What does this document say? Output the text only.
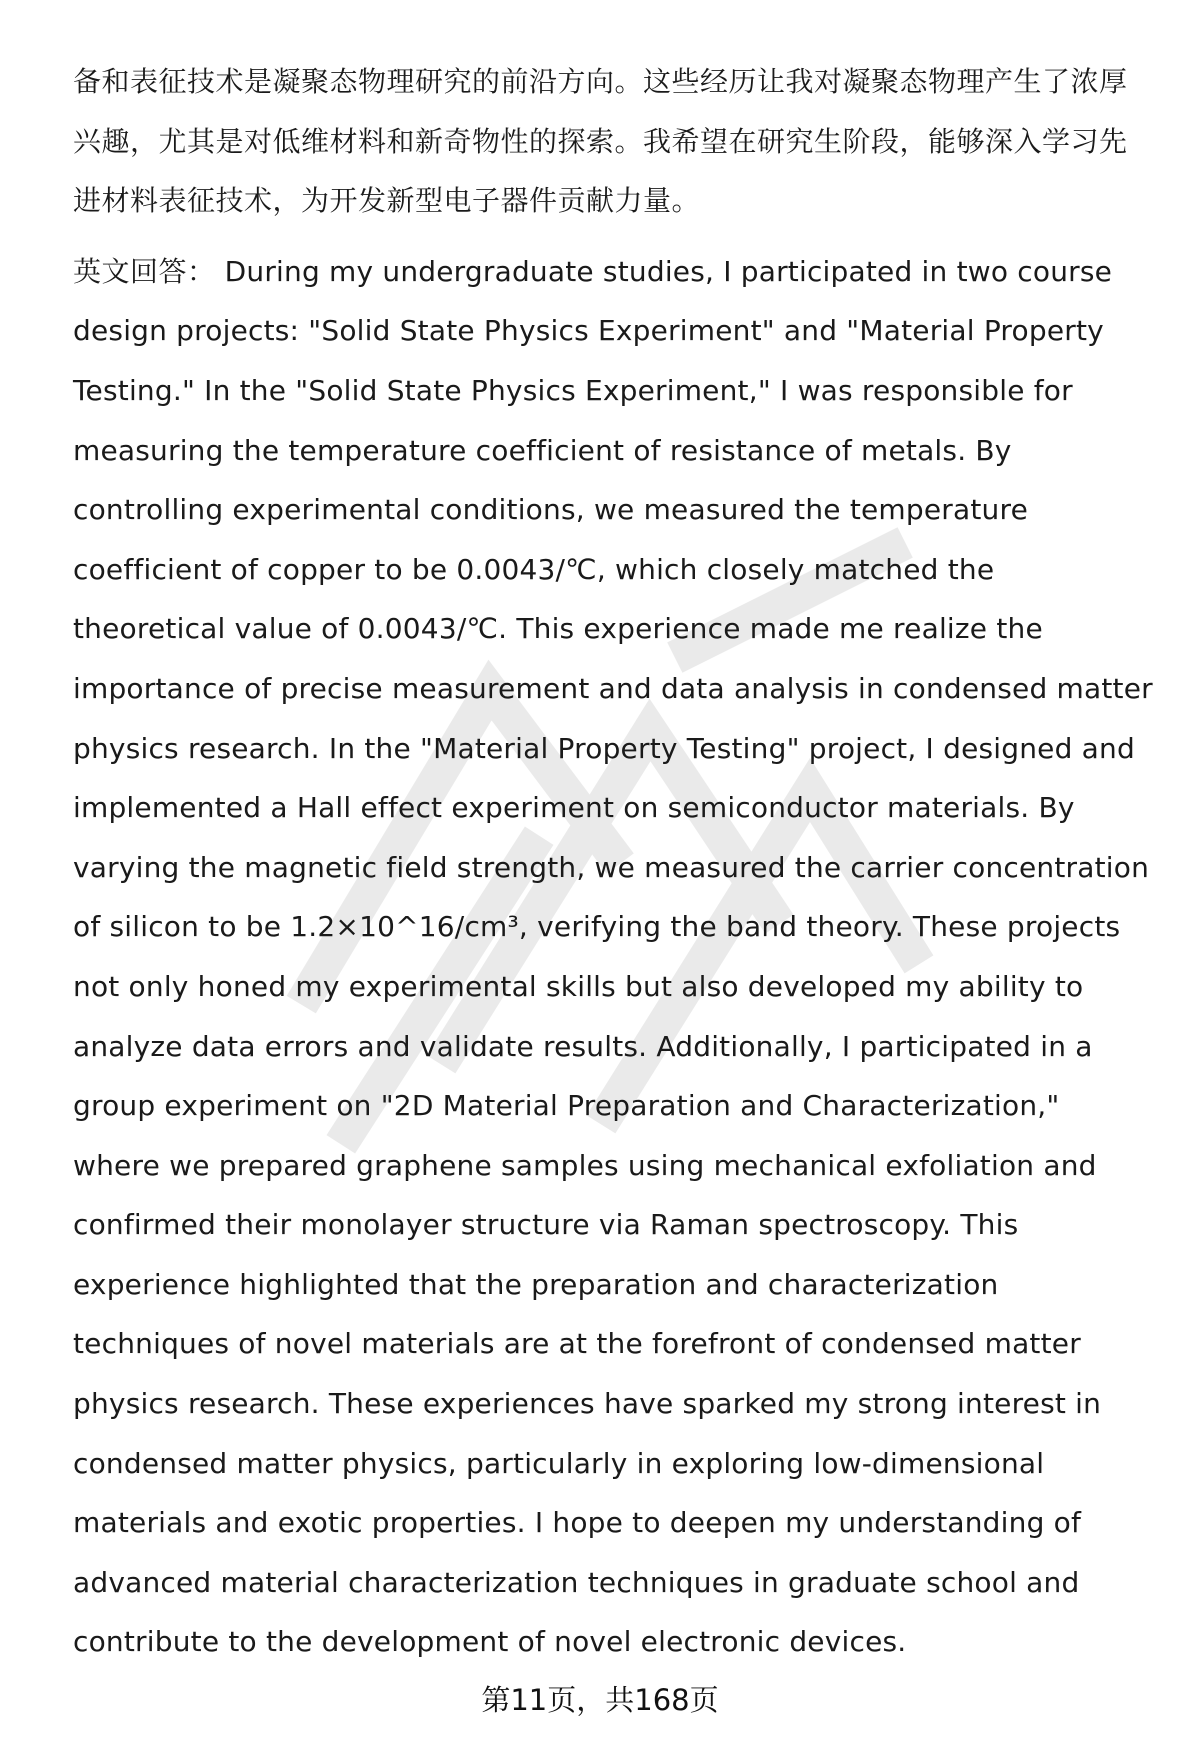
备和表征技术是凝聚态物理研究的前沿方向。这些经历让我对凝聚态物理产生了浓厚兴趣，尤其是对低维材料和新奇物性的探索。我希望在研究生阶段，能够深入学习先进材料表征技术，为开发新型电子器件贡献力量。

英文回答： During my undergraduate studies, I participated in two course design projects: "Solid State Physics Experiment" and "Material Property Testing." In the "Solid State Physics Experiment," I was responsible for measuring the temperature coefficient of resistance of metals. By controlling experimental conditions, we measured the temperature coefficient of copper to be 0.0043/℃, which closely matched the theoretical value of 0.0043/℃. This experience made me realize the importance of precise measurement and data analysis in condensed matter physics research. In the "Material Property Testing" project, I designed and implemented a Hall effect experiment on semiconductor materials. By varying the magnetic field strength, we measured the carrier concentration of silicon to be 1.2×10^16/cm³, verifying the band theory. These projects not only honed my experimental skills but also developed my ability to analyze data errors and validate results. Additionally, I participated in a group experiment on "2D Material Preparation and Characterization," where we prepared graphene samples using mechanical exfoliation and confirmed their monolayer structure via Raman spectroscopy. This experience highlighted that the preparation and characterization techniques of novel materials are at the forefront of condensed matter physics research. These experiences have sparked my strong interest in condensed matter physics, particularly in exploring low-dimensional materials and exotic properties. I hope to deepen my understanding of advanced material characterization techniques in graduate school and contribute to the development of novel electronic devices.

第11页，共168页
